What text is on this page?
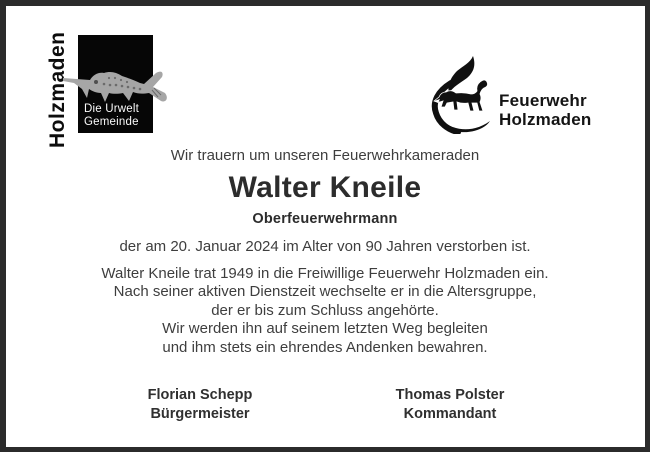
Holzmaden	Die Urwelt
Gemeinde
Feuerwehr
Holzmaden
Wir trauern um unseren Feuerwehrkameraden
Walter Kneile
Oberfeuerwehrmann
der am 20. Januar 2024 im Alter von 90 Jahren verstorben ist.
Walter Kneile trat 1949 in die Freiwillige Feuerwehr Holzmaden ein.
Nach seiner aktiven Dienstzeit wechselte er in die Altersgruppe,
der er bis zum Schluss angehörte.
Wir werden ihn auf seinem letzten Weg begleiten
und ihm stets ein ehrendes Andenken bewahren.
Florian Schepp
Bürgermeister
Thomas Polster
Kommandant
